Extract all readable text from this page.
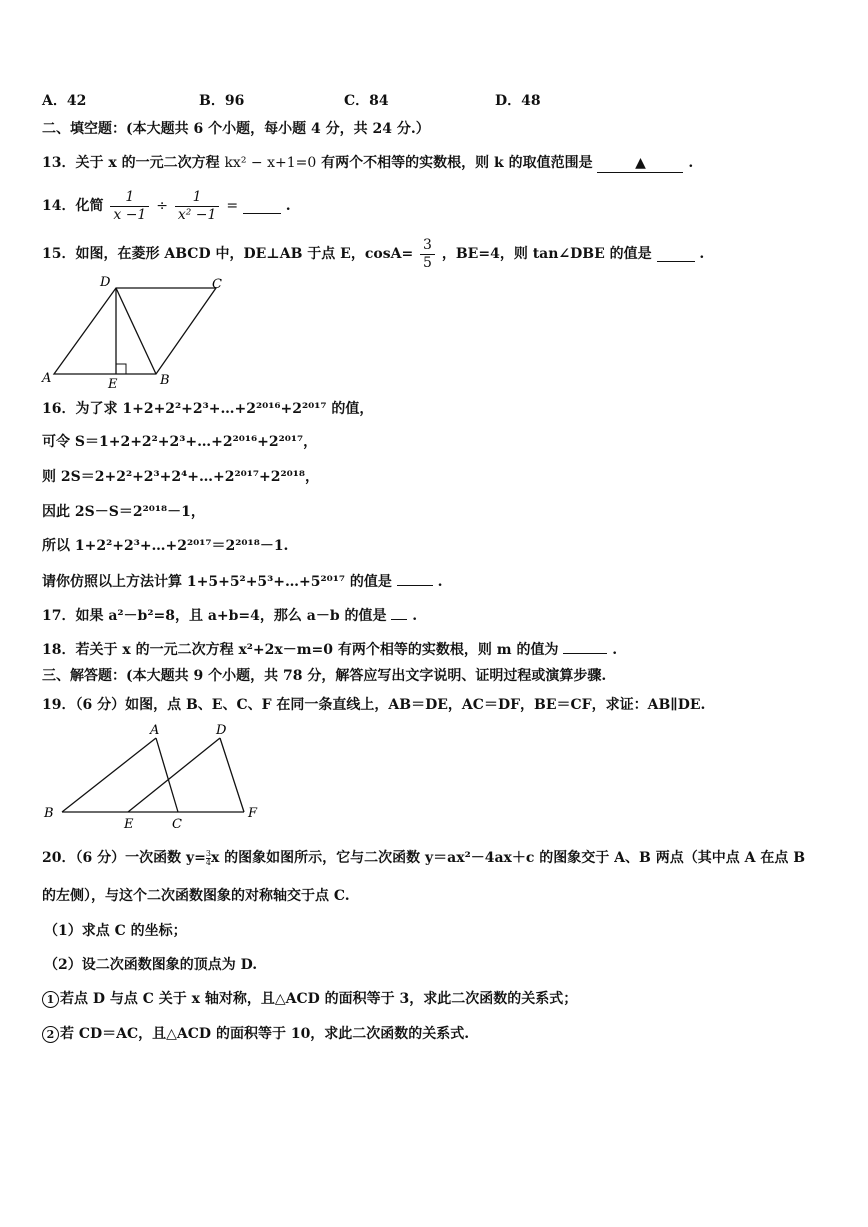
A．42	B．96	C．84	D．48
二、填空题：(本大题共 6 个小题，每小题 4 分，共 24 分.）
13．关于 x 的一元二次方程 kx² − x+1=0 有两个不相等的实数根，则 k 的取值范围是	▲	.
14．化简 $\frac{1}{x -1} \div \frac{1}{\text{x² −1}}$ =	.
15．如图，在菱形 ABCD 中，DE⊥AB 于点 E，$\cos A= \frac{3}{5}$ ，BE=4，则 tan∠DBE 的值是	.
A	B
C
D
E
16．为了求 1+2+2²+2³+…+2²⁰¹⁶+2²⁰¹⁷ 的值，
可令 S＝1+2+2²+2³+…+2²⁰¹⁶+2²⁰¹⁷，
则 2S＝2+2²+2³+2⁴+…+2²⁰¹⁷+2²⁰¹⁸，
因此 2S－S＝2²⁰¹⁸－1，
所以 1+2²+2³+…+2²⁰¹⁷＝2²⁰¹⁸－1.
请你仿照以上方法计算 1+5+5²+5³+…+5²⁰¹⁷ 的值是	.
17．如果 a²－b²=8，且 a+b=4，那么 a－b 的值是 .
18．若关于 x 的一元二次方程 x²+2x－m=0 有两个相等的实数根，则 m 的值为	.
三、解答题：(本大题共 9 个小题，共 78 分，解答应写出文字说明、证明过程或演算步骤.
19．（6 分）如图，点 B、E、C、F 在同一条直线上，AB＝DE，AC＝DF，BE＝CF，求证：AB∥DE.
A
B
C
D
E
F
20．（6 分）一次函数 $y= \frac{3}{4}$ x 的图象如图所示，它与二次函数 y＝ax²－4ax＋c 的图象交于 A、B 两点（其中点 A 在点 B
的左侧），与这个二次函数图象的对称轴交于点 C.
（1）求点 C 的坐标；
（2）设二次函数图象的顶点为 D.
1 若点 D 与点 C 关于 x 轴对称，且△ACD 的面积等于 3，求此二次函数的关系式；
2 若 CD＝AC，且△ACD 的面积等于 10，求此二次函数的关系式.
